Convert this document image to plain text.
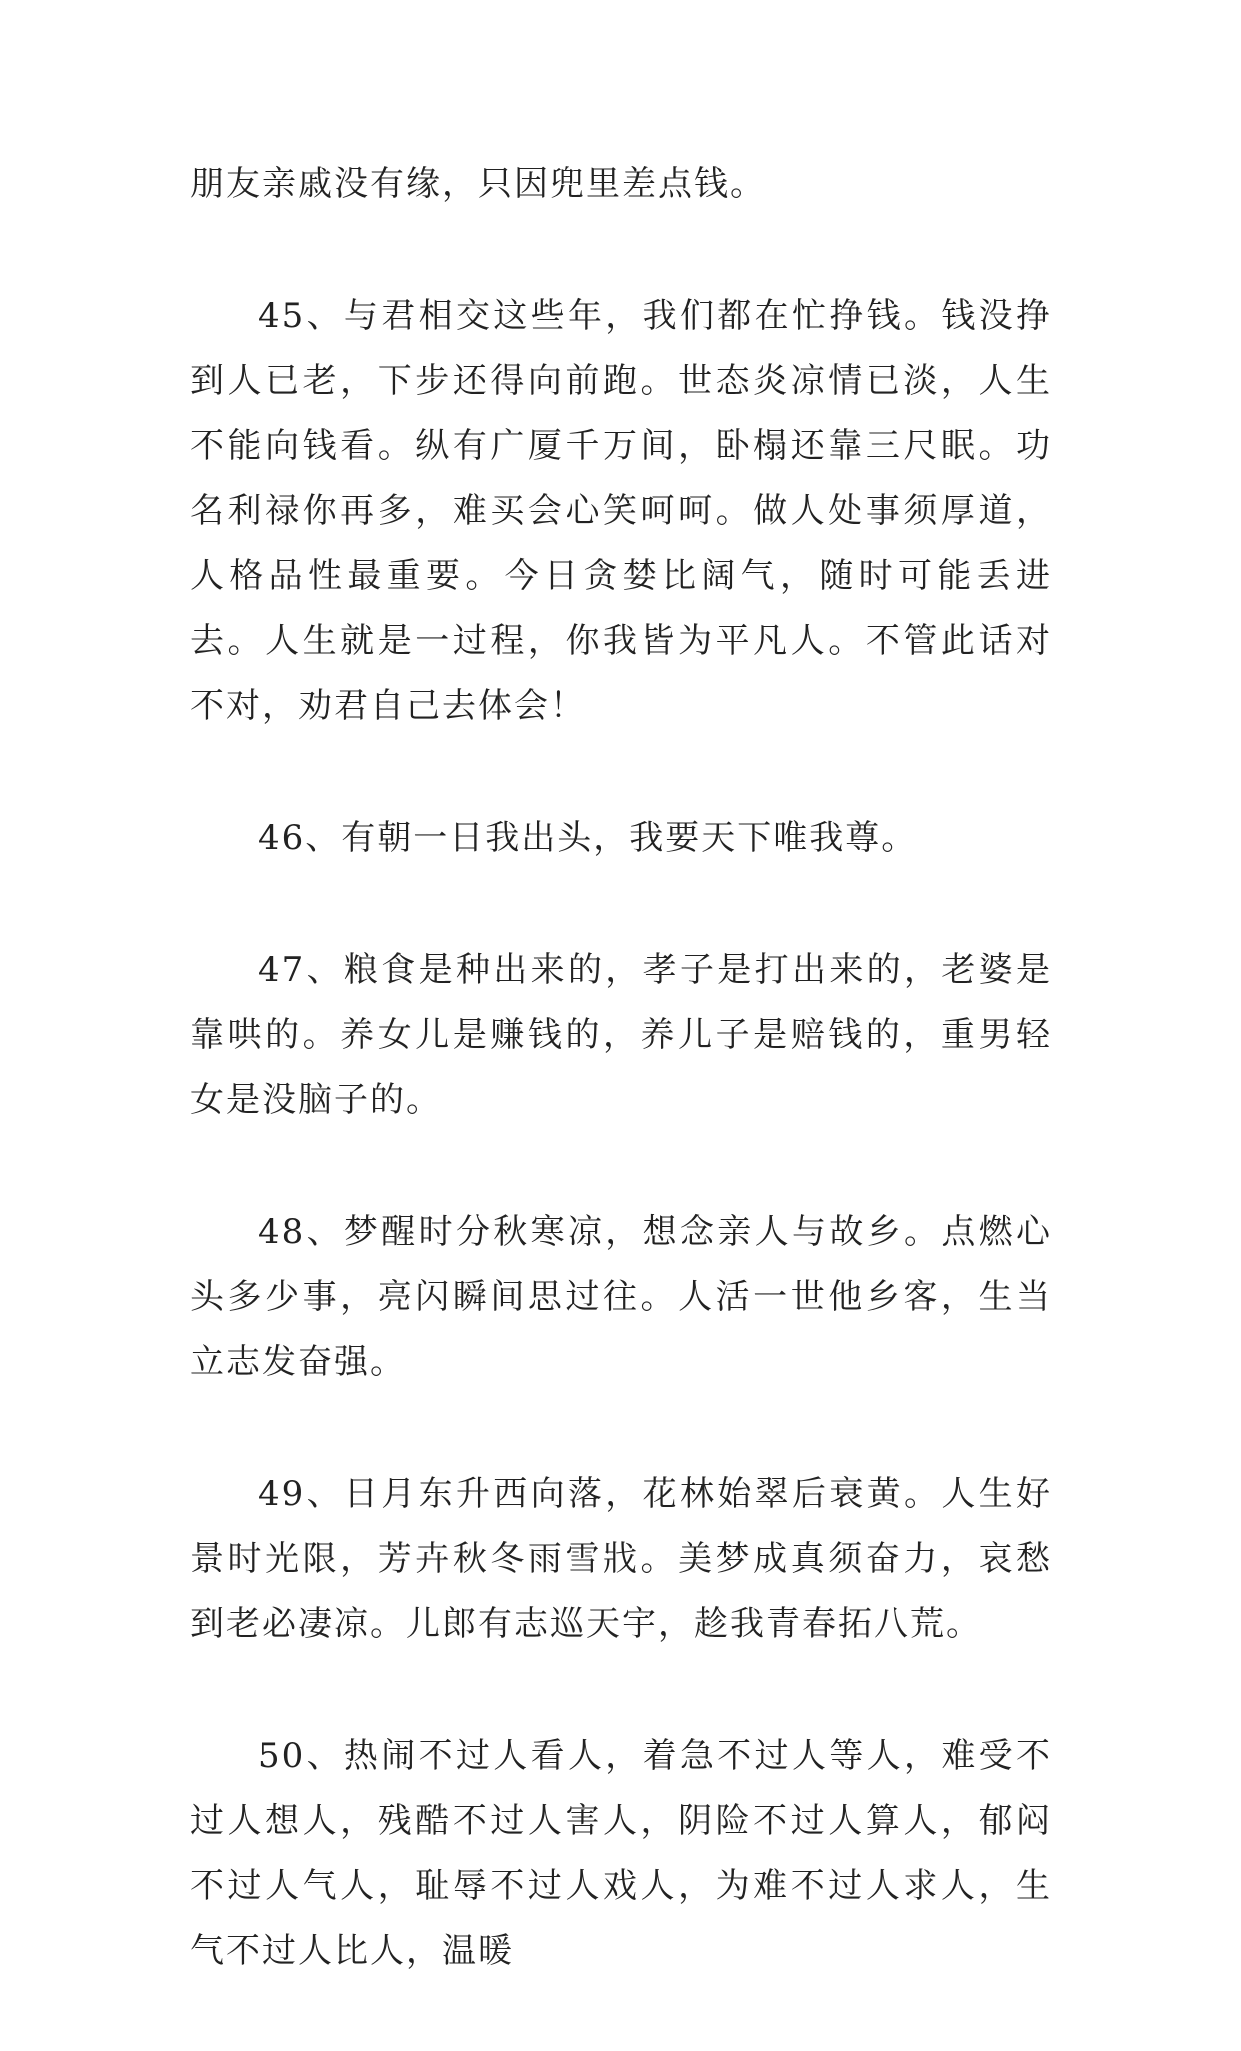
朋友亲戚没有缘，只因兜里差点钱。

45、与君相交这些年，我们都在忙挣钱。钱没挣到人已老，下步还得向前跑。世态炎凉情已淡，人生不能向钱看。纵有广厦千万间，卧榻还靠三尺眠。功名利禄你再多，难买会心笑呵呵。做人处事须厚道，人格品性最重要。今日贪婪比阔气，随时可能丢进去。人生就是一过程，你我皆为平凡人。不管此话对不对，劝君自己去体会！

46、有朝一日我出头，我要天下唯我尊。

47、粮食是种出来的，孝子是打出来的，老婆是靠哄的。养女儿是赚钱的，养儿子是赔钱的，重男轻女是没脑子的。

48、梦醒时分秋寒凉，想念亲人与故乡。点燃心头多少事，亮闪瞬间思过往。人活一世他乡客，生当立志发奋强。

49、日月东升西向落，花林始翠后衰黄。人生好景时光限，芳卉秋冬雨雪戕。美梦成真须奋力，哀愁到老必凄凉。儿郎有志巡天宇，趁我青春拓八荒。

50、热闹不过人看人，着急不过人等人，难受不过人想人，残酷不过人害人，阴险不过人算人，郁闷不过人气人，耻辱不过人戏人，为难不过人求人，生气不过人比人，温暖
